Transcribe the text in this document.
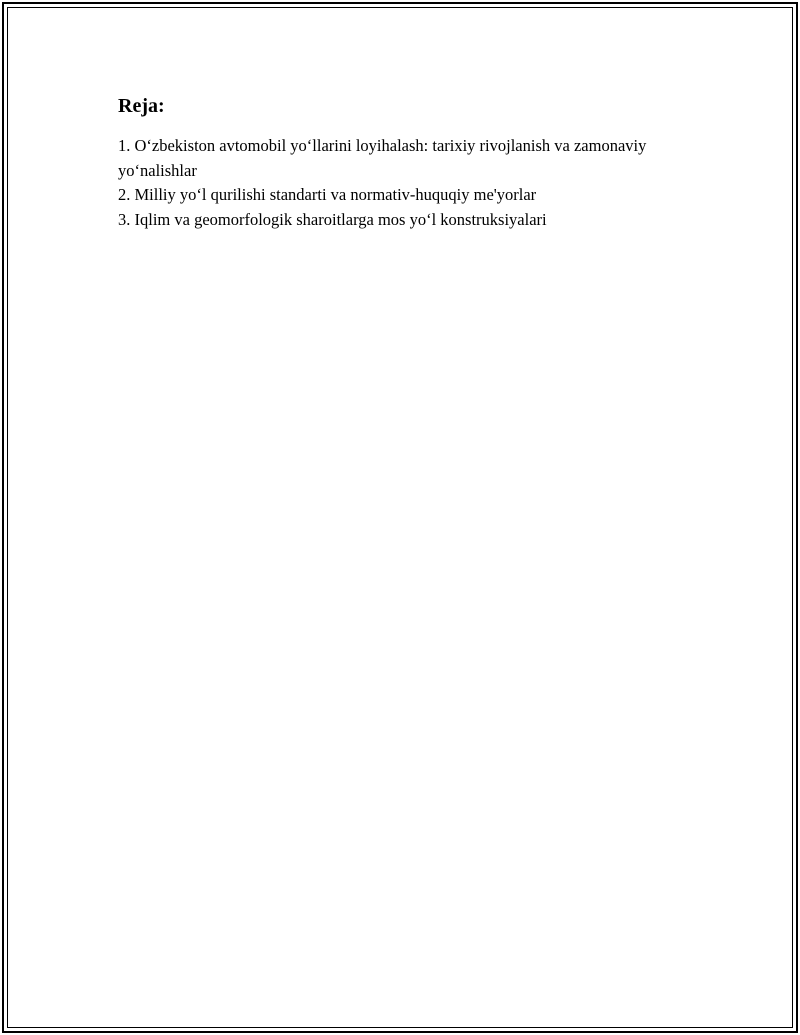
Reja:
1. O‘zbekiston avtomobil yo‘llarini loyihalash: tarixiy rivojlanish va zamonaviy yo‘nalishlar
2. Milliy yo‘l qurilishi standarti va normativ-huquqiy me'yorlar
3. Iqlim va geomorfologik sharoitlarga mos yo‘l konstruksiyalari
